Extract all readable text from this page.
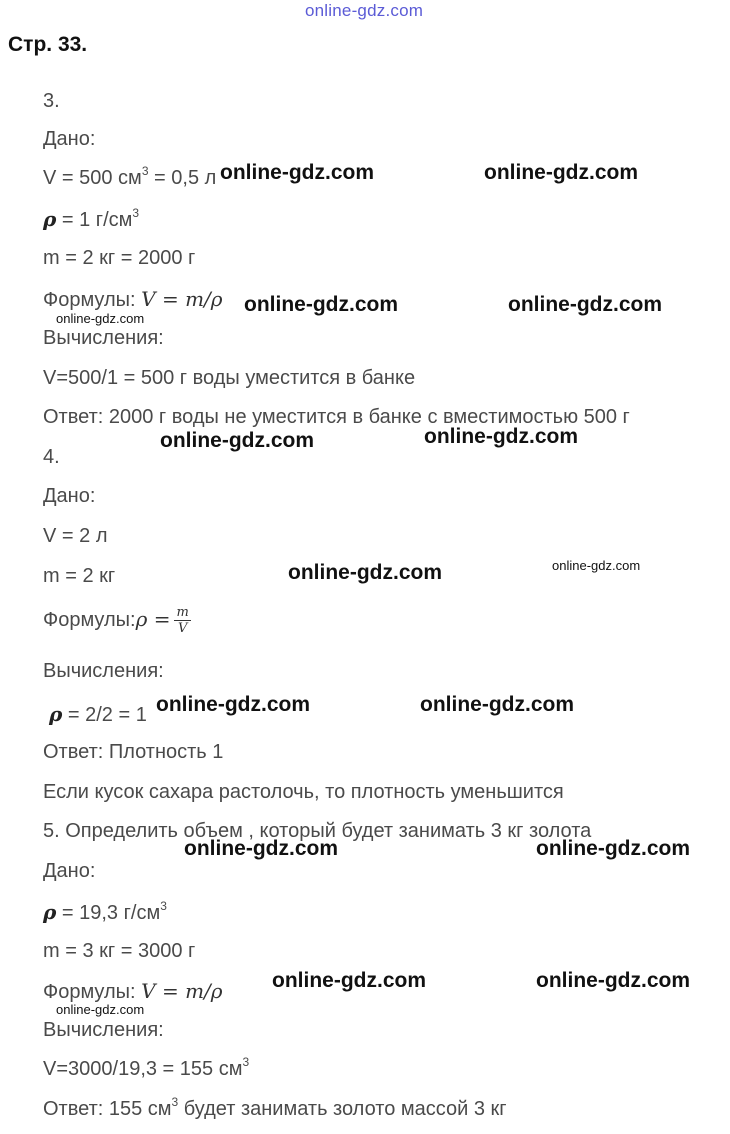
online-gdz.com
Стр. 33.
3.
Дано:
V = 500 $см^3 = 0,5$ л
ρ = 1 $г/см^3$
m = 2 кг = 2000 г
Формулы: V = m/ρ
Вычисления:
V=500/1 = 500 г воды уместится в банке
Ответ: 2000 г воды не уместится в банке с вместимостью 500 г
4.
Дано:
V = 2 л
m = 2 кг
Формулы:ρ = $\frac{m}{V}$
Вычисления:
ρ = 2/2 = 1
Ответ: Плотность 1
Если кусок сахара растолочь, то плотность уменьшится
5. Определить объем , который будет занимать 3 кг золота
Дано:
ρ = 19,3 $г/см^3$
m = 3 кг = 3000 г
Формулы: V = m/ρ
Вычисления:
V=3000/19,3 = 155 $см^3$
Ответ: 155 $см^3$ будет занимать золото массой 3 кг
online-gdz.com	online-gdz.com
online-gdz.com	online-gdz.com
online-gdz.com
online-gdz.com	online-gdz.com
online-gdz.com
online-gdz.com
online-gdz.com	online-gdz.com
online-gdz.com	online-gdz.com
online-gdz.com	online-gdz.com
online-gdz.com
